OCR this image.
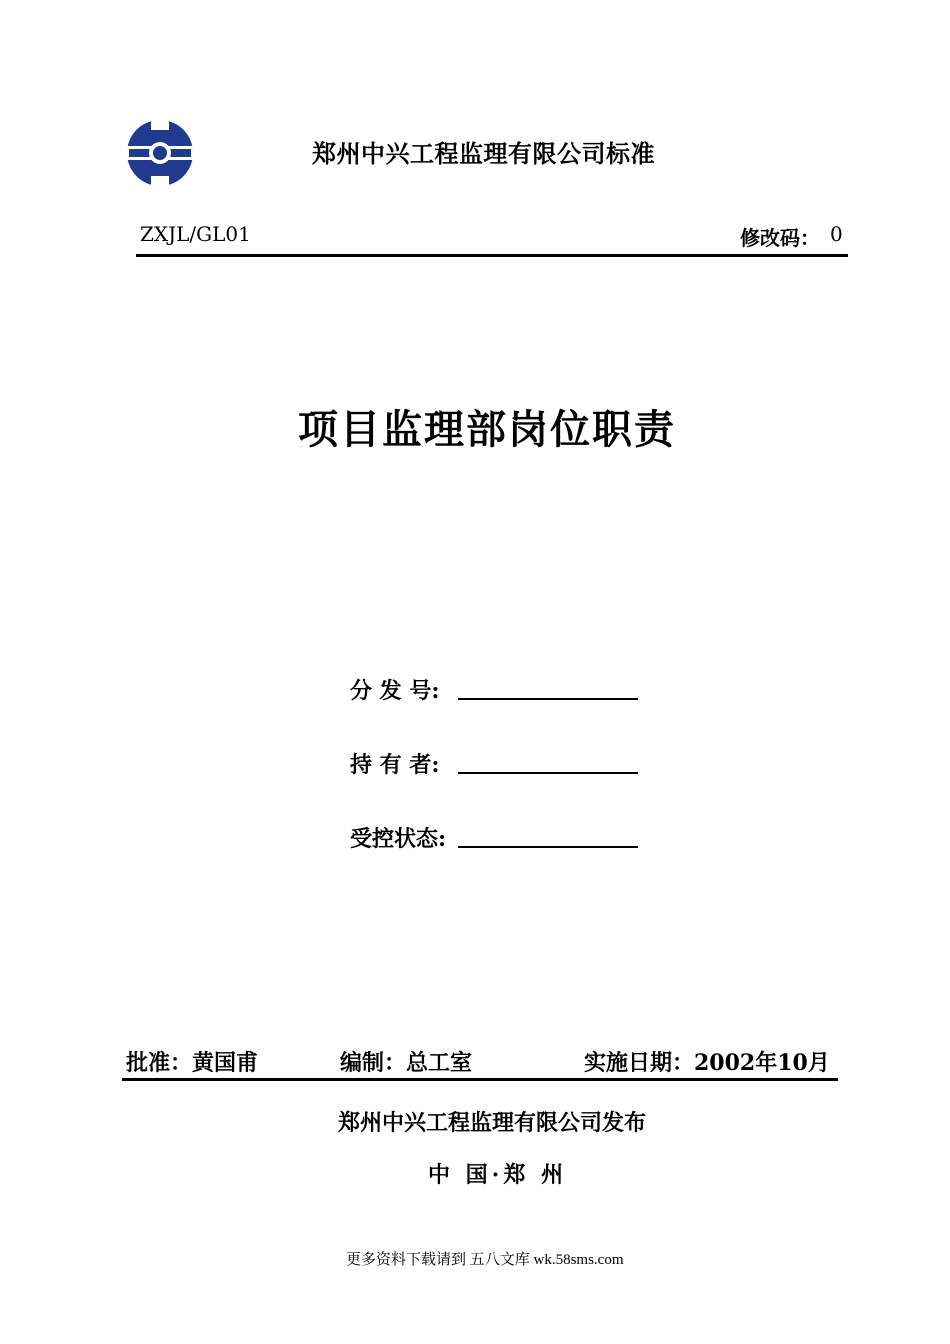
郑州中兴工程监理有限公司标准
ZXJL/GL01	修改码： 0
项目监理部岗位职责
分 发 号:
持 有 者:
受控状态:
批准：黄国甫	编制：总工室	实施日期：2002年10月
郑州中兴工程监理有限公司发布
中 国·郑 州
更多资料下载请到 五八文库 wk.58sms.com
